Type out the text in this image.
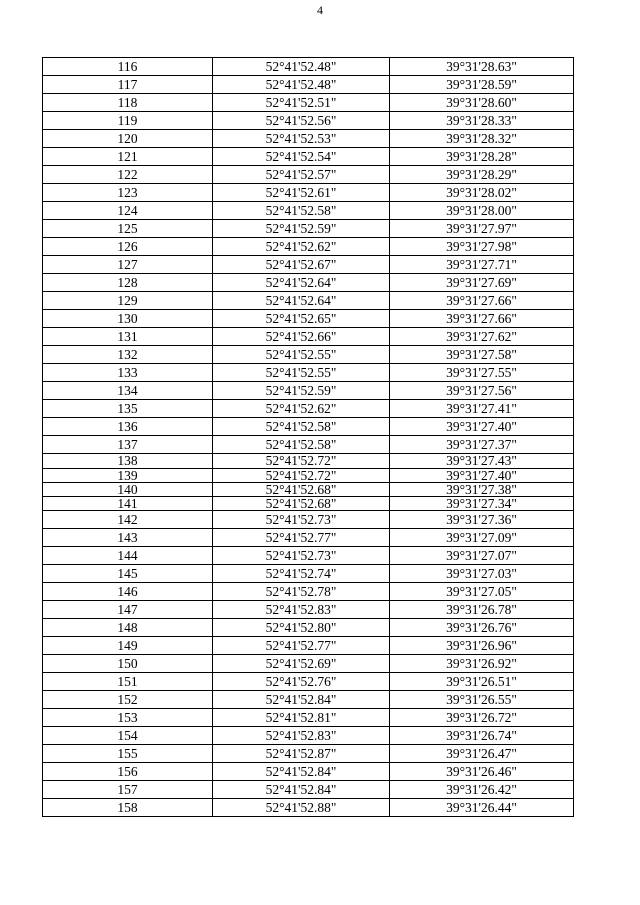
4
116	52°41'52.48"	39°31'28.63"
117	52°41'52.48"	39°31'28.59"
118	52°41'52.51"	39°31'28.60"
119	52°41'52.56"	39°31'28.33"
120	52°41'52.53"	39°31'28.32"
121	52°41'52.54"	39°31'28.28"
122	52°41'52.57"	39°31'28.29"
123	52°41'52.61"	39°31'28.02"
124	52°41'52.58"	39°31'28.00"
125	52°41'52.59"	39°31'27.97"
126	52°41'52.62"	39°31'27.98"
127	52°41'52.67"	39°31'27.71"
128	52°41'52.64"	39°31'27.69"
129	52°41'52.64"	39°31'27.66"
130	52°41'52.65"	39°31'27.66"
131	52°41'52.66"	39°31'27.62"
132	52°41'52.55"	39°31'27.58"
133	52°41'52.55"	39°31'27.55"
134	52°41'52.59"	39°31'27.56"
135	52°41'52.62"	39°31'27.41"
136	52°41'52.58"	39°31'27.40"
137	52°41'52.58"	39°31'27.37"
138	52°41'52.72"	39°31'27.43"
139	52°41'52.72"	39°31'27.40"
140	52°41'52.68"	39°31'27.38"
141	52°41'52.68"	39°31'27.34"
142	52°41'52.73"	39°31'27.36"
143	52°41'52.77"	39°31'27.09"
144	52°41'52.73"	39°31'27.07"
145	52°41'52.74"	39°31'27.03"
146	52°41'52.78"	39°31'27.05"
147	52°41'52.83"	39°31'26.78"
148	52°41'52.80"	39°31'26.76"
149	52°41'52.77"	39°31'26.96"
150	52°41'52.69"	39°31'26.92"
151	52°41'52.76"	39°31'26.51"
152	52°41'52.84"	39°31'26.55"
153	52°41'52.81"	39°31'26.72"
154	52°41'52.83"	39°31'26.74"
155	52°41'52.87"	39°31'26.47"
156	52°41'52.84"	39°31'26.46"
157	52°41'52.84"	39°31'26.42"
158	52°41'52.88"	39°31'26.44"
